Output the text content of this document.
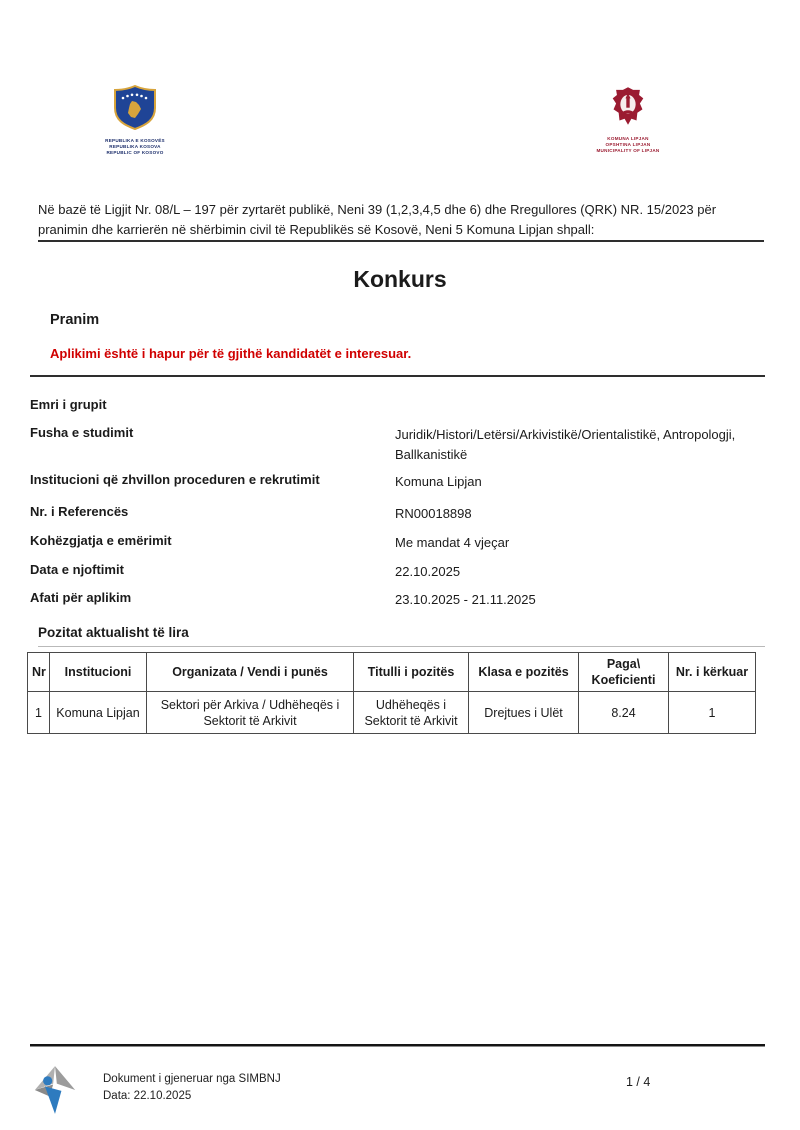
REPUBLIKA E KOSOVËS
REPUBLIKA KOSOVA
REPUBLIC OF KOSOVO
KOMUNA LIPJAN
OPSHTINA LIPJAN
MUNICIPALITY OF LIPJAN

Në bazë të Ligjit Nr. 08/L – 197 për zyrtarët publikë, Neni 39 (1,2,3,4,5 dhe 6) dhe Rregullores (QRK) NR. 15/2023 për pranimin dhe karrierën në shërbimin civil të Republikës së Kosovë, Neni 5 Komuna Lipjan shpall:

Konkurs
Pranim

Aplikimi është i hapur për të gjithë kandidatët e interesuar.

Emri i grupit
Fusha e studimit	Juridik/Histori/Letërsi/Arkivistikë/Orientalistikë, Antropologji, Ballkanistikë
Institucioni që zhvillon proceduren e rekrutimit	Komuna Lipjan
Nr. i Referencës	RN00018898
Kohëzgjatja e emërimit	Me mandat 4 vjeçar
Data e njoftimit	22.10.2025
Afati për aplikim	23.10.2025 - 21.11.2025
Pozitat aktualisht të lira
Nr	Institucioni	Organizata / Vendi i punës	Titulli i pozitës	Klasa e pozitës	Paga\ Koeficienti	Nr. i kërkuar
1	Komuna Lipjan	Sektori për Arkiva / Udhëheqës i Sektorit të Arkivit	Udhëheqës i Sektorit të Arkivit	Drejtues i Ulët	8.24	1
Dokument i gjeneruar nga SIMBNJ
Data: 22.10.2025
1 / 4
